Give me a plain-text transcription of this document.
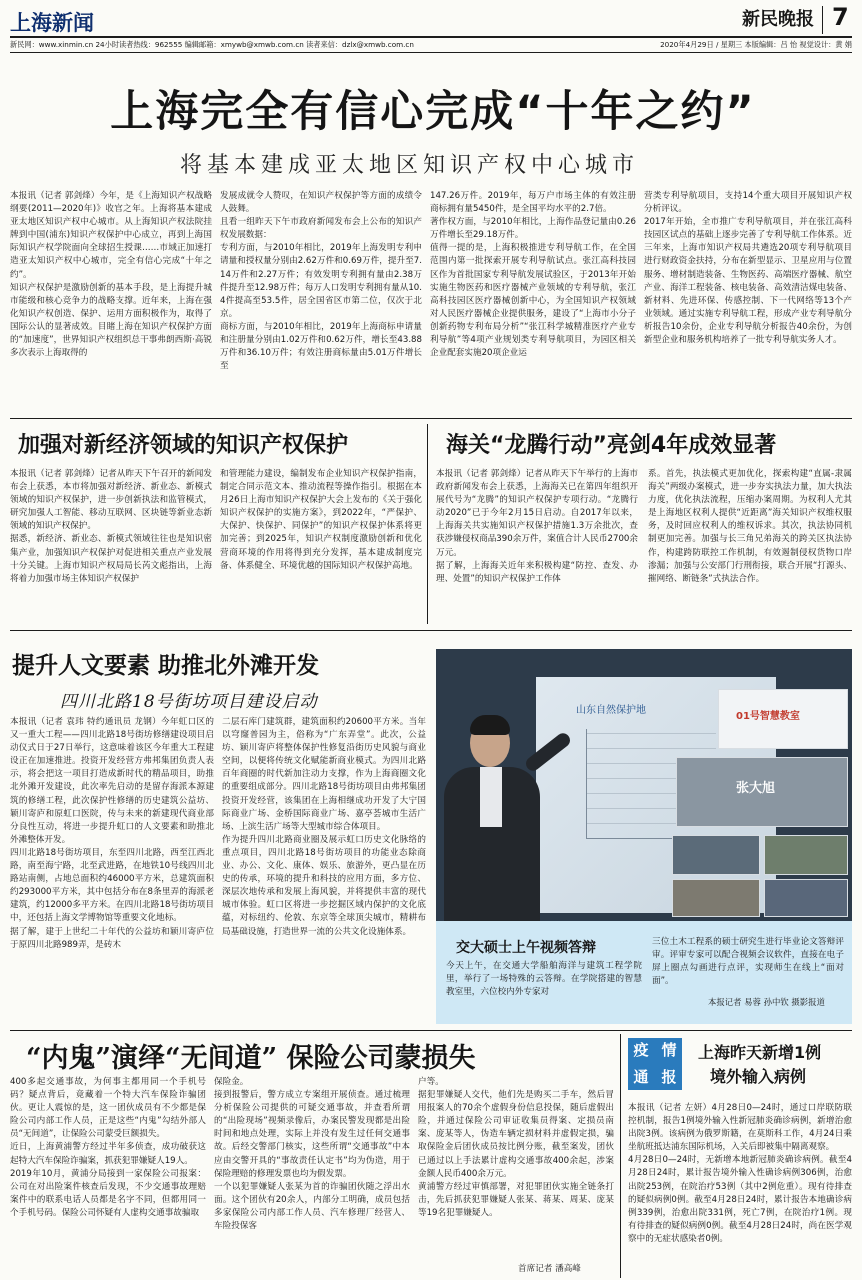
上海新闻	新民晚报 7
新民网：www.xinmin.cn 24小时读者热线：962555 编辑邮箱：xmywb@xmwb.com.cn 读者来信：dzlx@xmwb.com.cn	2020年4月29日 / 星期三 本版编辑：吕 怡 视觉设计：黄 娟
上海完全有信心完成“十年之约”
将基本建成亚太地区知识产权中心城市
本报讯（记者 郭剑烽）今年，是《上海知识产权战略纲要(2011—2020年)》收官之年。上海将基本建成亚太地区知识产权中心城市。从上海知识产权法院挂牌到中国(浦东)知识产权保护中心成立，再到上海国际知识产权学院面向全球招生授课……市域正加速打造亚太知识产权中心城市，完全有信心完成“十年之约”。
知识产权保护是激励创新的基本手段，是上海提升城市能级和核心竞争力的战略支撑。近年来，上海在强化知识产权创造、保护、运用方面积极作为，取得了国际公认的显著成效。目睹上海在知识产权保护方面的“加速度”，世界知识产权组织总干事弗朗西斯·高锐多次表示上海取得的
发展成就令人赞叹，在知识产权保护等方面的成绩令人鼓舞。
且看一组昨天下午市政府新闻发布会上公布的知识产权发展数据：
专利方面，与2010年相比，2019年上海发明专利申请量和授权量分别由2.62万件和0.69万件，提升至7.14万件和2.27万件；有效发明专利拥有量由2.38万件提升至12.98万件；每万人口发明专利拥有量从10.4件提高至53.5件，居全国省区市第二位，仅次于北京。
商标方面，与2010年相比，2019年上海商标申请量和注册量分别由1.02万件和0.62万件，增长至43.88万件和36.10万件；有效注册商标量由5.01万件增长至
147.26万件。2019年，每万户市场主体的有效注册商标拥有量5450件，是全国平均水平的2.7倍。
著作权方面，与2010年相比，上海作品登记量由0.26万件增长至29.18万件。
值得一提的是，上海积极推进专利导航工作，在全国范围内第一批探索开展专利导航试点。张江高科技园区作为首批国家专利导航发展试验区，于2013年开始实施生物医药和医疗器械产业领域的专利导航，张江高科技园区医疗器械创新中心，为全国知识产权领域对人民医疗器械企业提供服务，建设了“上海市小分子创新药物专利布局分析”“张江科学城精准医疗产业专利导航”等4项产业规划类专利导航项目，为园区相关企业配套实施20项企业运
营类专利导航项目，支持14个重大项目开展知识产权分析评议。
2017年开始，全市推广专利导航项目，并在张江高科技园区试点的基础上逐步完善了专利导航工作体系。近三年来，上海市知识产权局共遴选20项专利导航项目进行财政资金扶持，分布在新型显示、卫星应用与位置服务、增材制造装备、生物医药、高端医疗器械、航空产业、海洋工程装备、核电装备、高效清洁煤电装备、新材料、先进环保、传感控制、下一代网络等13个产业领域。通过实施专利导航工程，形成产业专利导航分析报告10余份，企业专利导航分析报告40余份，为创新型企业和服务机构培养了一批专利导航实务人才。
加强对新经济领域的知识产权保护
本报讯（记者 郭剑烽）记者从昨天下午召开的新闻发布会上获悉，本市将加强对新经济、新业态、新模式领域的知识产权保护，进一步创新执法和监管模式，研究加强人工智能、移动互联网、区块链等新业态新领域的知识产权保护。
据悉，新经济、新业态、新模式领域往往也是知识密集产业，加强知识产权保护对促进相关重点产业发展十分关键。上海市知识产权局局长芮文彪指出，上海将着力加强市场主体知识产权保护
和管理能力建设，编制发布企业知识产权保护指南，制定合同示范文本、推动流程等操作指引。根据在本月26日上海市知识产权保护大会上发布的《关于强化知识产权保护的实施方案》，到2022年，“严保护、大保护、快保护、同保护”的知识产权保护体系将更加完善；到2025年，知识产权制度激励创新和优化营商环境的作用将得到充分发挥，基本建成制度完备、体系健全、环境优越的国际知识产权保护高地。
海关“龙腾行动”亮剑4年成效显著
本报讯（记者 郭剑烽）记者从昨天下午举行的上海市政府新闻发布会上获悉，上海海关已在第四年组织开展代号为“龙腾”的知识产权保护专项行动。“龙腾行动2020”已于今年2月15日启动。自2017年以来，上海海关共实施知识产权保护措施1.3万余批次，查获涉嫌侵权商品390余万件，案值合计人民币2700余万元。
据了解，上海海关近年来积极构建“防控、查发、办理、处置”的知识产权保护工作体
系。首先，执法模式更加优化，探索构建“直属-隶属海关”两级办案模式，进一步夯实执法力量，加大执法力度，优化执法流程，压缩办案周期。为权利人尤其是上海地区权利人提供“近距离”海关知识产权维权服务，及时回应权利人的维权诉求。其次，执法协同机制更加完善。加强与长三角兄弟海关的跨关区执法协作，构建跨防联控工作机制，有效遏制侵权货物口岸渗漏；加强与公安部门行刑衔接，联合开展“打源头、摧网络、断链条”式执法合作。
提升人文要素 助推北外滩开发
四川北路18号街坊项目建设启动
本报讯（记者 袁玮 特约通讯员 龙钢）今年虹口区的又一重大工程——四川北路18号街坊修缮建设项目启动仪式日于27日举行，这意味着该区今年重大工程建设正在加速推进。投资开发经营方弗邦集团负责人表示，将会把这一项目打造成新时代的精品项目，助推北外滩开发建设，此次率先启动的是留存海派本源建筑的修缮工程，此次保护性修缮的历史建筑公益坊、颖川寄庐和原虹口医院，传与未来的新建现代商业部分良性互动，将进一步提升虹口的人文要素和助推北外滩整体开发。
四川北路18号街坊项目，东至四川北路，西至江西北路，南至海宁路，北至武进路，在地铁10号线四川北路站南侧，占地总面积约46000平方米，总建筑面积约293000平方米，其中包括分布在8条里弄的海派老建筑，约12000多平方米。在四川北路18号街坊项目中，还包括上海文学博物馆等重要文化地标。
据了解，建于上世纪二十年代的公益坊和颖川寄庐位于原四川北路989弄，是砖木
二层石库门建筑群，建筑面积约20600平方米。当年以穹窿普园为主，俗称为“广东弄堂”。此次，公益坊、颖川寄庐将整体保护性修复沿街历史风貌与商业空间，以便将传统文化赋能新商业模式。为四川北路百年商圈的时代新加注动力支撑，作为上海商圈文化的重要组成部分。四川北路18号街坊项目由弗邦集团投资开发经营，该集团在上海相继成功开发了大宁国际商业广场、金桥国际商业广场、嘉亭荟城市生活广场、上滨生活广场等大型城市综合体项目。
作为提升四川北路商业圈及展示虹口历史文化脉络的重点项目，四川北路18号街坊项目的功能业态除商业、办公、文化、康体、娱乐、旅游外，更凸显在历史的传承，环境的提升和科技的应用方面，多方位、深层次地传承和发展上海风貌，并将提供丰富的现代城市体验。虹口区将进一步挖掘区域内保护的文化底蕴，对标纽约、伦敦、东京等全球顶尖城市，精耕布局基础设施，打造世界一流的公共文化设施体系。
山东自然保护地
01号智慧教室
张大旭
交大硕士上午视频答辩
今天上午，在交通大学船舶海洋与建筑工程学院里，举行了一场特殊的云答辩。在学院搭建的智慧教室里，六位校内外专家对
三位土木工程系的硕士研究生进行毕业论文答辩评审。评审专家可以配合视频会议软件，直接在电子屏上圈点勾画进行点评，实现师生在线上“面对面”。
本报记者 易蓉 孙中钦 摄影报道
“内鬼”演绎“无间道” 保险公司蒙损失
400多起交通事故，为何事主都用同一个手机号码？疑点背后，竟藏着一个特大汽车保险诈骗团伙。更让人震惊的是，这一团伙成员有不少都是保险公司内部工作人员，正是这些“内鬼”勾结外部人员“无间道”，让保险公司蒙受巨额损失。
近日，上海黄浦警方经过半年多侦查，成功破获这起特大汽车保险诈骗案，抓获犯罪嫌疑人19人。
2019年10月，黄浦分局接到一家保险公司报案：公司在对出险案件核查后发现，不少交通事故理赔案件中的联系电话人员都是名字不同，但都用同一个手机号码。保险公司怀疑有人虚构交通事故骗取
保险金。
接到报警后，警方成立专案组开展侦查。通过梳理分析保险公司提供的可疑交通事故，并查看所谓的“出险现场”视频录像后，办案民警发现都是出险时间和地点处理，实际上并没有发生过任何交通事故。后经交警部门核实，这些所谓“交通事故”中本应由交警开具的“事故责任认定书”均为伪造，用于保险理赔的修理发票也均为假发票。
一个以犯罪嫌疑人张某为首的诈骗团伙随之浮出水面。这个团伙有20余人，内部分工明确，成员包括多家保险公司内部工作人员、汽车修理厂经营人、车险投保客
户等。
据犯罪嫌疑人交代，他们先是购买二手车，然后冒用报案人的70余个虚假身份信息投保，随后虚假出险，并通过保险公司审证收集员得案、定损员南案、庞某等人，伪造车辆定损材料并虚假定损，骗取保险金后团伙成员按比例分账，截至案发，团伙已通过以上手法累计虚构交通事故400余起，涉案金额人民币400余万元。
黄浦警方经过审慎部署，对犯罪团伙实施全链条打击，先后抓获犯罪嫌疑人张某、蒋某、周某、庞某等19名犯罪嫌疑人。
首席记者 潘高峰
疫 情
通 报
上海昨天新增1例
境外输入病例
本报讯（记者 左妍）4月28日0—24时，通过口岸联防联控机制，报告1例境外输入性新冠肺炎确诊病例，新增治愈出院3例。该病例为俄罗斯籍，在莫斯科工作，4月24日乘坐航班抵达浦东国际机场，入关后即被集中隔离观察。
4月28日0—24时，无新增本地新冠肺炎确诊病例。截至4月28日24时，累计报告境外输入性确诊病例306例，治愈出院253例，在院治疗53例（其中2例危重）。现有待排查的疑似病例0例。截至4月28日24时，累计报告本地确诊病例339例，治愈出院331例，死亡7例，在院治疗1例。现有待排查的疑似病例0例。截至4月28日24时，尚在医学观察中的无症状感染者0例。
